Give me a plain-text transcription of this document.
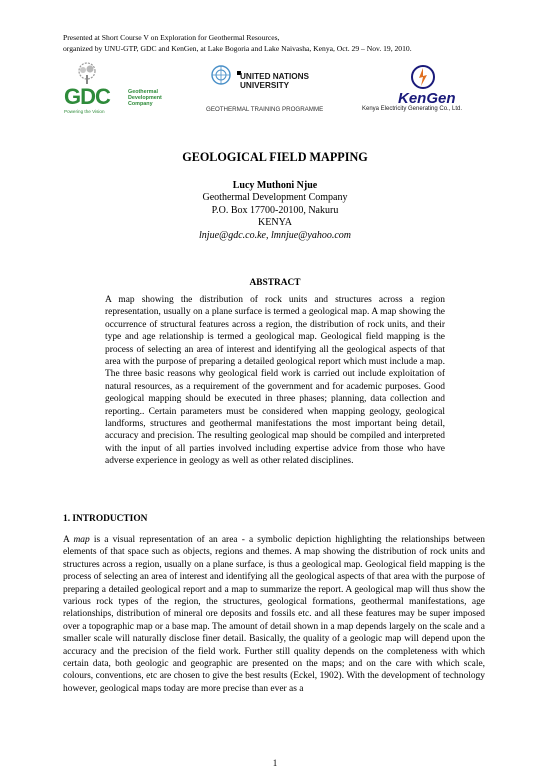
Presented at Short Course V on Exploration for Geothermal Resources,
organized by UNU-GTP, GDC and KenGen, at Lake Bogoria and Lake Naivasha, Kenya, Oct. 29 – Nov. 19, 2010.
GDC	Geothermal
Development
Company
Powering the Vision
UNITED NATIONS
UNIVERSITY
GEOTHERMAL TRAINING PROGRAMME
KenGen
Kenya Electricity Generating Co., Ltd.
GEOLOGICAL FIELD MAPPING
Lucy Muthoni Njue
Geothermal Development Company
P.O. Box 17700-20100, Nakuru
KENYA
lnjue@gdc.co.ke, lmnjue@yahoo.com
ABSTRACT

A map showing the distribution of rock units and structures across a region representation, usually on a plane surface is termed a geological map. A map showing the occurrence of structural features across a region, the distribution of rock units, and their type and age relationship is termed a geological map. Geological field mapping is the process of selecting an area of interest and identifying all the geological aspects of that area with the purpose of preparing a detailed geological report which must include a map. The three basic reasons why geological field work is carried out include exploitation of natural resources, as a requirement of the government and for academic purposes. Good geological mapping should be executed in three phases; planning, data collection and reporting.. Certain parameters must be considered when mapping geology, geological landforms, structures and geothermal manifestations the most important being detail, accuracy and precision. The resulting geological map should be compiled and interpreted with the input of all parties involved including expertise advice from those who have adverse experience in geology as well as other related disciplines.

1. INTRODUCTION

A map is a visual representation of an area - a symbolic depiction highlighting the relationships between elements of that space such as objects, regions and themes. A map showing the distribution of rock units and structures across a region, usually on a plane surface, is thus a geological map. Geological field mapping is the process of selecting an area of interest and identifying all the geological aspects of that area with the purpose of preparing a detailed geological report and a map to summarize the report. A geological map will thus show the various rock types of the region, the structures, geological formations, geothermal manifestations, age relationships, distribution of mineral ore deposits and fossils etc. and all these features may be super imposed over a topographic map or a base map. The amount of detail shown in a map depends largely on the scale and a smaller scale will naturally disclose finer detail. Basically, the quality of a geologic map will depend upon the accuracy and the precision of the field work. Further still quality depends on the completeness with which certain data, both geologic and geographic are presented on the maps; and on the care with which scale, colours, conventions, etc are chosen to give the best results (Eckel, 1902). With the development of technology however, geological maps today are more precise than ever as a

1
